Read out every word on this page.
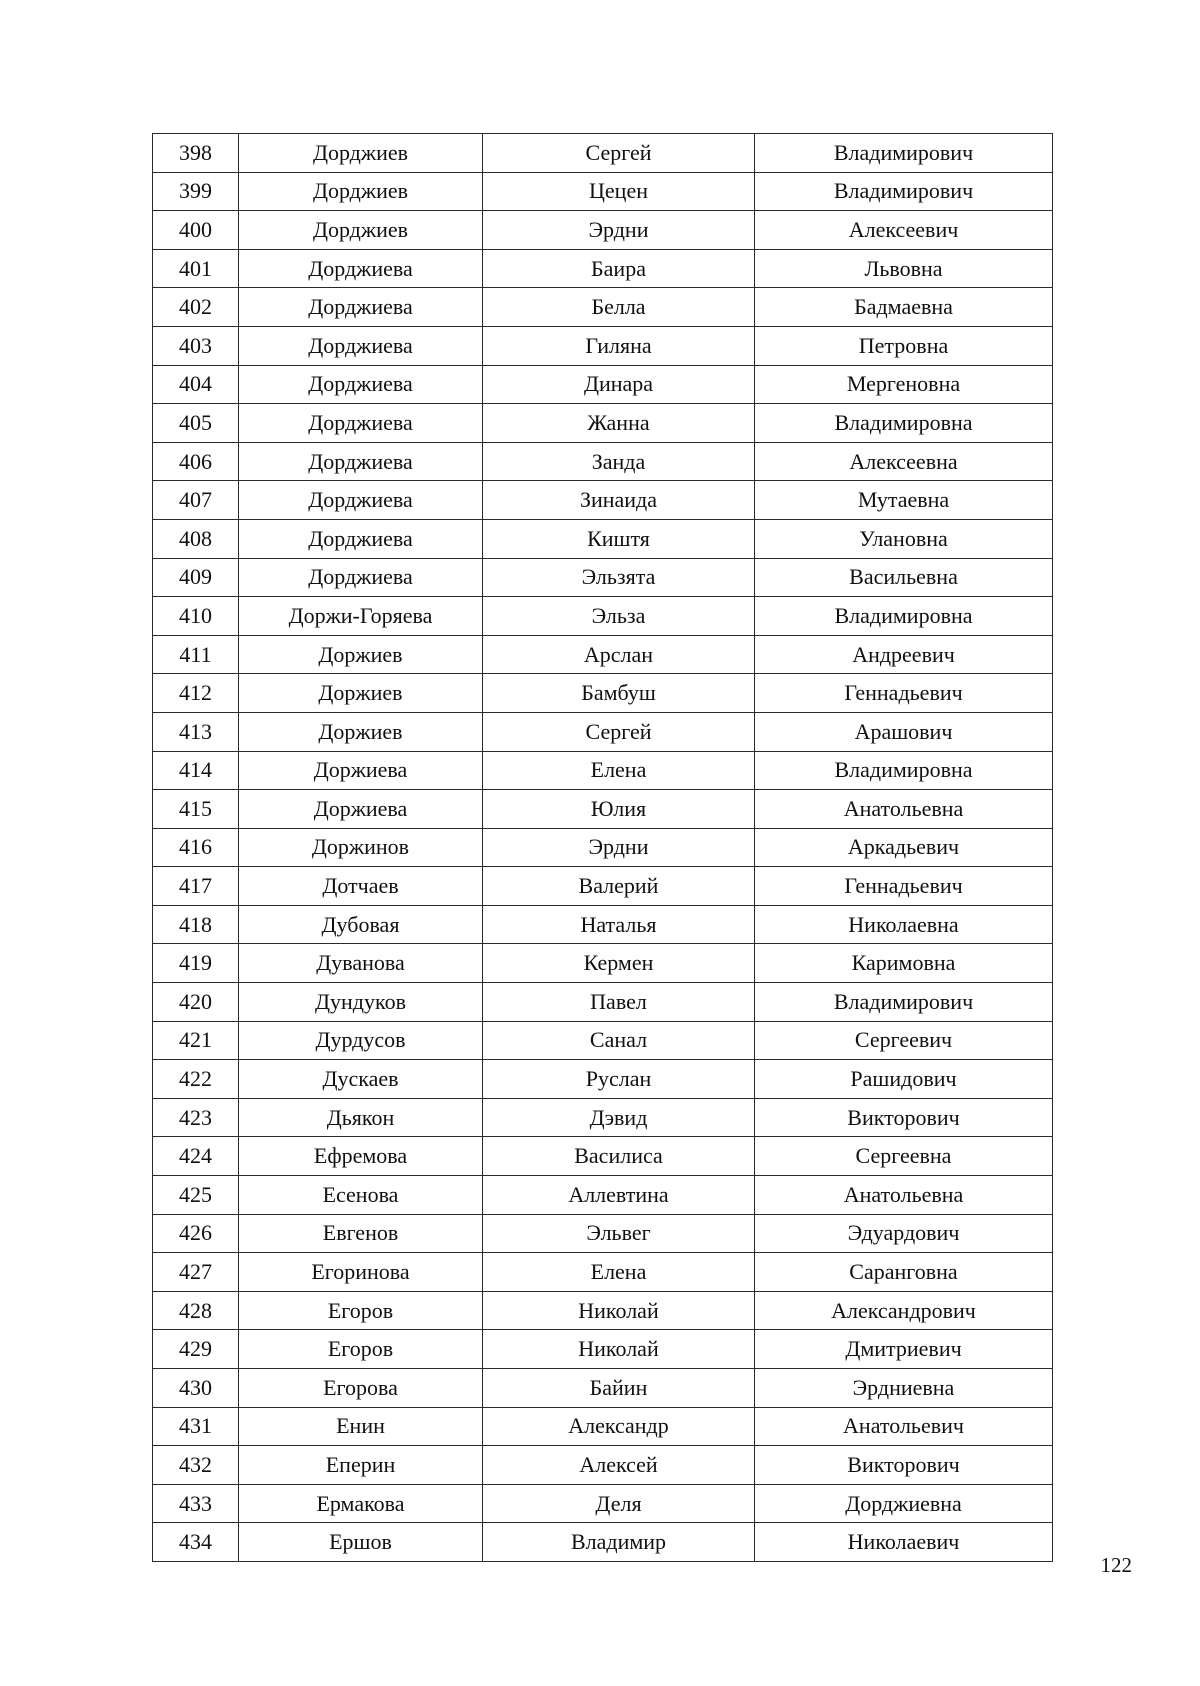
398	Дорджиев	Сергей	Владимирович
399	Дорджиев	Цецен	Владимирович
400	Дорджиев	Эрдни	Алексеевич
401	Дорджиева	Баира	Львовна
402	Дорджиева	Белла	Бадмаевна
403	Дорджиева	Гиляна	Петровна
404	Дорджиева	Динара	Мергеновна
405	Дорджиева	Жанна	Владимировна
406	Дорджиева	Занда	Алексеевна
407	Дорджиева	Зинаида	Мутаевна
408	Дорджиева	Киштя	Улановна
409	Дорджиева	Эльзята	Васильевна
410	Доржи-Горяева	Эльза	Владимировна
411	Доржиев	Арслан	Андреевич
412	Доржиев	Бамбуш	Геннадьевич
413	Доржиев	Сергей	Арашович
414	Доржиева	Елена	Владимировна
415	Доржиева	Юлия	Анатольевна
416	Доржинов	Эрдни	Аркадьевич
417	Дотчаев	Валерий	Геннадьевич
418	Дубовая	Наталья	Николаевна
419	Дуванова	Кермен	Каримовна
420	Дундуков	Павел	Владимирович
421	Дурдусов	Санал	Сергеевич
422	Дускаев	Руслан	Рашидович
423	Дьякон	Дэвид	Викторович
424	Ефремова	Василиса	Сергеевна
425	Есенова	Аллевтина	Анатольевна
426	Евгенов	Эльвег	Эдуардович
427	Егоринова	Елена	Саранговна
428	Егоров	Николай	Александрович
429	Егоров	Николай	Дмитриевич
430	Егорова	Байин	Эрдниевна
431	Енин	Александр	Анатольевич
432	Еперин	Алексей	Викторович
433	Ермакова	Деля	Дорджиевна
434	Ершов	Владимир	Николаевич
122
